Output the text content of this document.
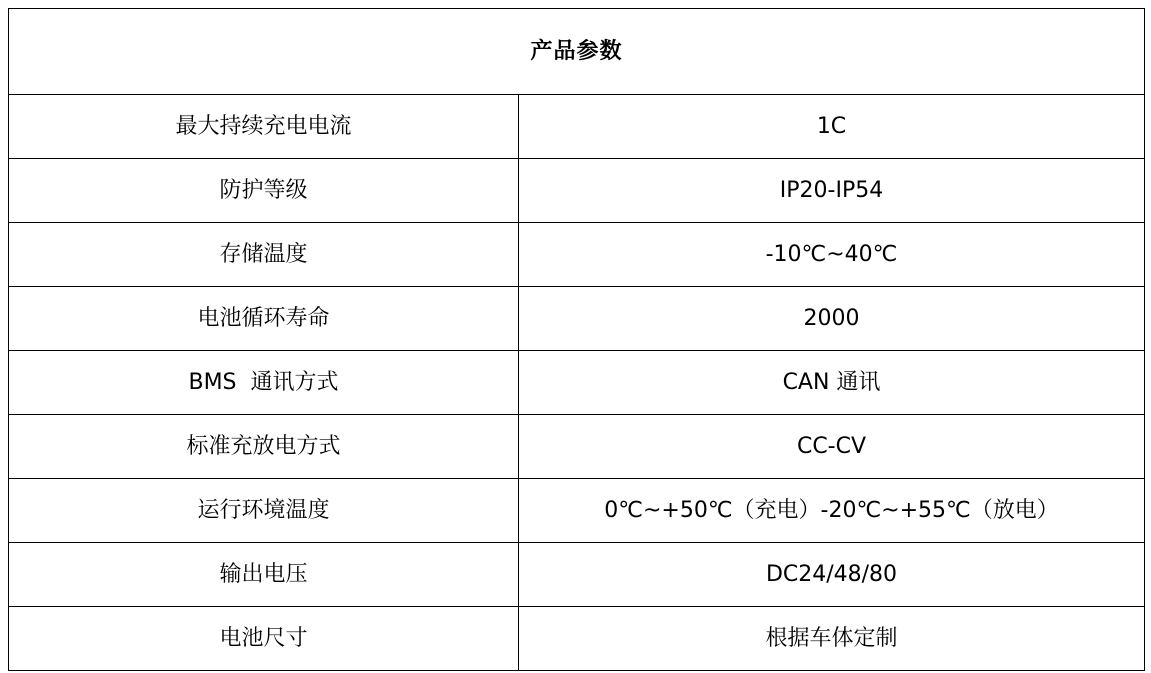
产品参数	
最大持续充电电流	1C
防护等级	IP20-IP54
存储温度	-10℃~40℃
电池循环寿命	2000
BMS  通讯方式	CAN 通讯
标准充放电方式	CC-CV
运行环境温度	0℃~+50℃（充电）-20℃~+55℃（放电）
输出电压	DC24/48/80
电池尺寸	根据车体定制
